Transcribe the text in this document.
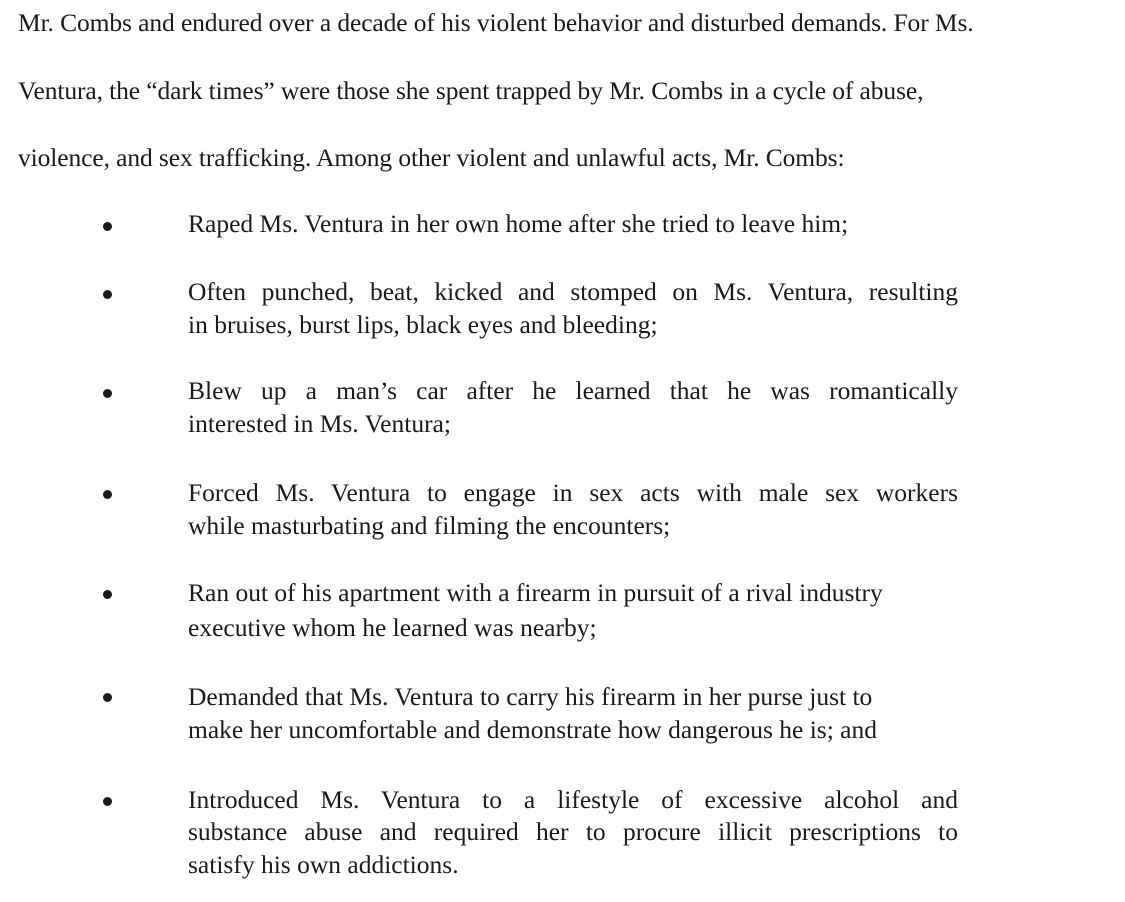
Mr. Combs and endured over a decade of his violent behavior and disturbed demands. For Ms.
Ventura, the “dark times” were those she spent trapped by Mr. Combs in a cycle of abuse,
violence, and sex trafficking. Among other violent and unlawful acts, Mr. Combs:
Raped Ms. Ventura in her own home after she tried to leave him;
Often punched, beat, kicked and stomped on Ms. Ventura, resulting
in bruises, burst lips, black eyes and bleeding;
Blew up a man’s car after he learned that he was romantically
interested in Ms. Ventura;
Forced Ms. Ventura to engage in sex acts with male sex workers
while masturbating and filming the encounters;
Ran out of his apartment with a firearm in pursuit of a rival industry
executive whom he learned was nearby;
Demanded that Ms. Ventura to carry his firearm in her purse just to
make her uncomfortable and demonstrate how dangerous he is; and
Introduced Ms. Ventura to a lifestyle of excessive alcohol and
substance abuse and required her to procure illicit prescriptions to
satisfy his own addictions.
